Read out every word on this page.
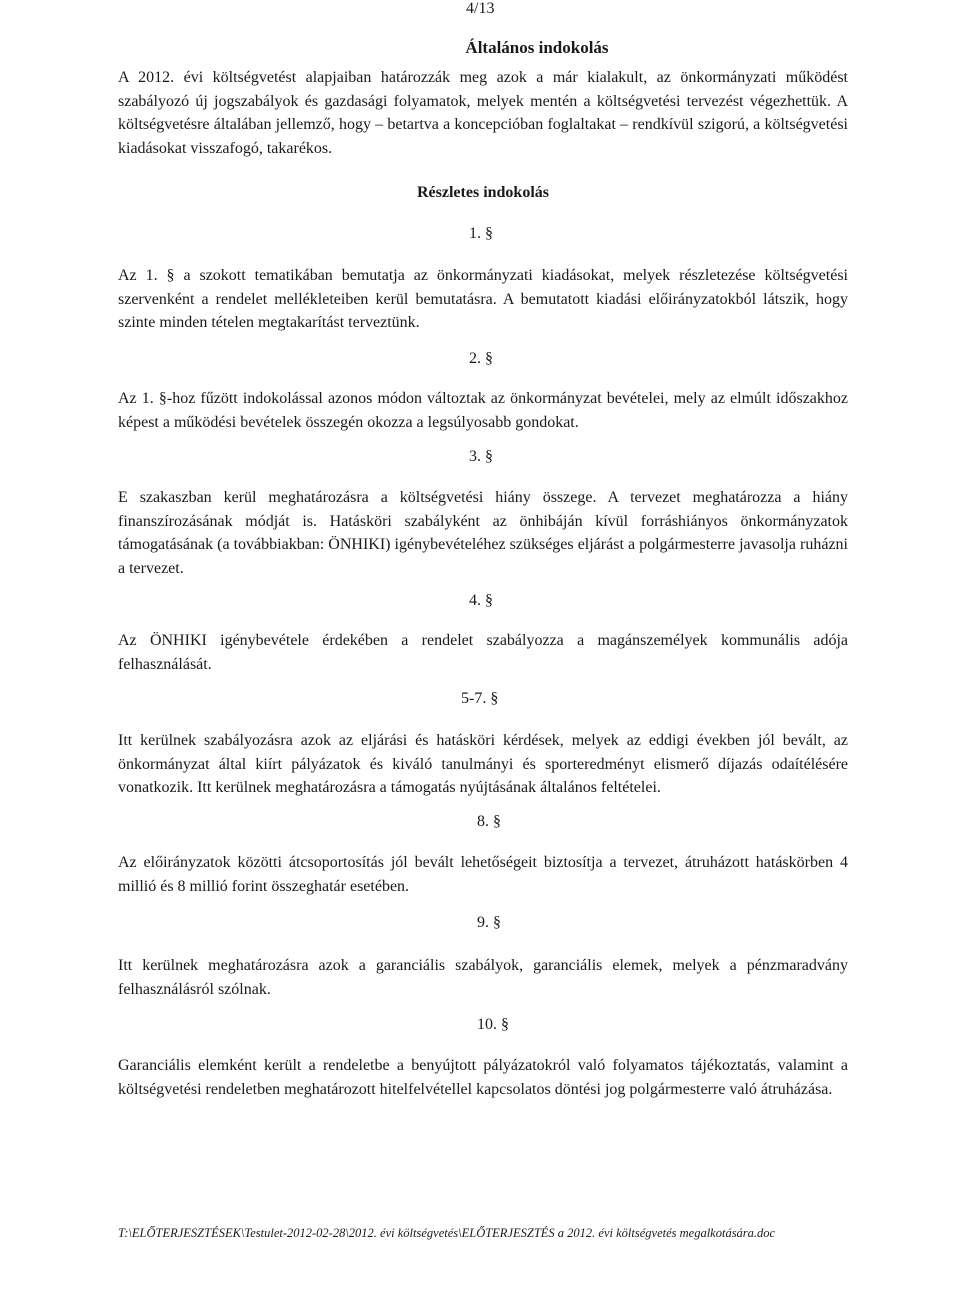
4/13
Általános indokolás

A 2012. évi költségvetést alapjaiban határozzák meg azok a már kialakult, az önkormányzati működést szabályozó új jogszabályok és gazdasági folyamatok, melyek mentén a költségvetési tervezést végezhettük. A költségvetésre általában jellemző, hogy – betartva a koncepcióban foglaltakat – rendkívül szigorú, a költségvetési kiadásokat visszafogó, takarékos.

Részletes indokolás
1. §

Az 1. § a szokott tematikában bemutatja az önkormányzati kiadásokat, melyek részletezése költségvetési szervenként a rendelet mellékleteiben kerül bemutatásra. A bemutatott kiadási előirányzatokból látszik, hogy szinte minden tételen megtakarítást terveztünk.

2. §

Az 1. §-hoz fűzött indokolással azonos módon változtak az önkormányzat bevételei, mely az elmúlt időszakhoz képest a működési bevételek összegén okozza a legsúlyosabb gondokat.

3. §

E szakaszban kerül meghatározásra a költségvetési hiány összege. A tervezet meghatározza a hiány finanszírozásának módját is. Hatásköri szabályként az önhibáján kívül forráshiányos önkormányzatok támogatásának (a továbbiakban: ÖNHIKI) igénybevételéhez szükséges eljárást a polgármesterre javasolja ruházni a tervezet.

4. §

Az ÖNHIKI igénybevétele érdekében a rendelet szabályozza a magánszemélyek kommunális adója felhasználását.

5-7. §

Itt kerülnek szabályozásra azok az eljárási és hatásköri kérdések, melyek az eddigi években jól bevált, az önkormányzat által kiírt pályázatok és kiváló tanulmányi és sporteredményt elismerő díjazás odaítélésére vonatkozik. Itt kerülnek meghatározásra a támogatás nyújtásának általános feltételei.

8. §

Az előirányzatok közötti átcsoportosítás jól bevált lehetőségeit biztosítja a tervezet, átruházott hatáskörben 4 millió és 8 millió forint összeghatár esetében.

9. §

Itt kerülnek meghatározásra azok a garanciális szabályok, garanciális elemek, melyek a pénzmaradvány felhasználásról szólnak.

10. §

Garanciális elemként került a rendeletbe a benyújtott pályázatokról való folyamatos tájékoztatás, valamint a költségvetési rendeletben meghatározott hitelfelvétellel kapcsolatos döntési jog polgármesterre való átruházása.

T:\ELŐTERJESZTÉSEK\Testulet-2012-02-28\2012. évi költségvetés\ELŐTERJESZTÉS a 2012. évi költségvetés megalkotására.doc
